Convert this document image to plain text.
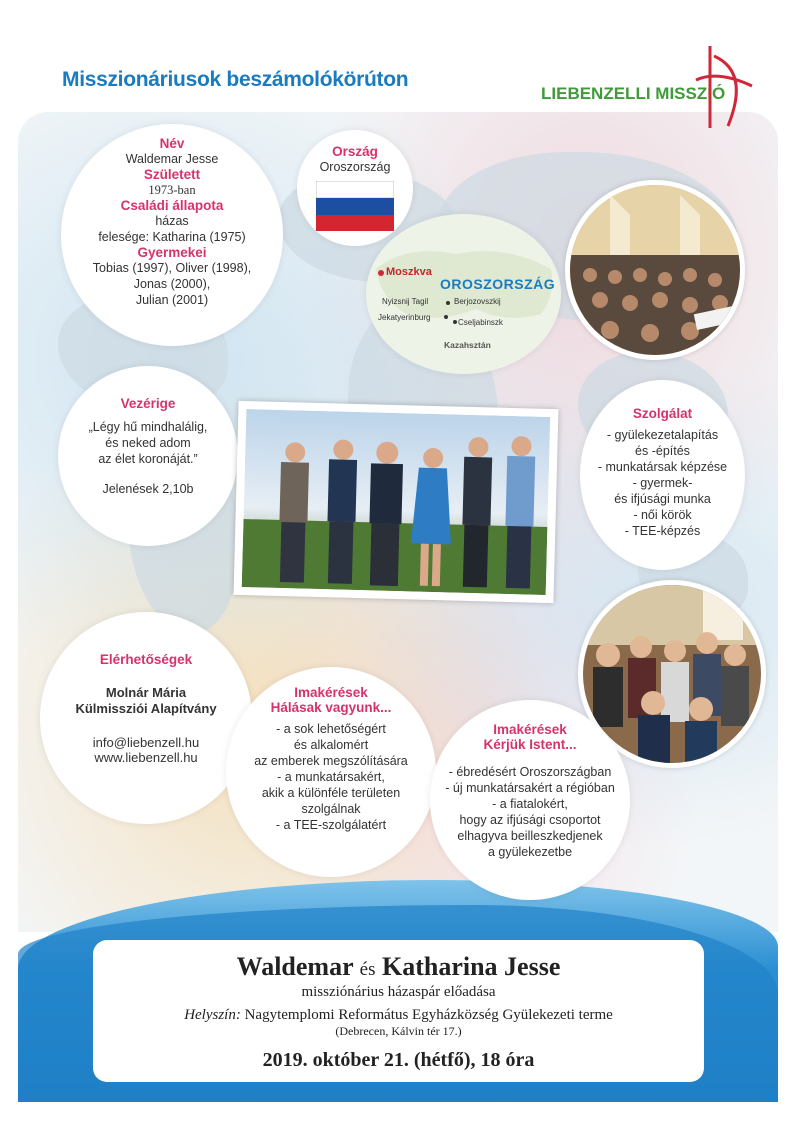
Misszionáriusok beszámolókörúton
LIEBENZELLI MISSZIÓ
Név
Waldemar Jesse
Született
1973-ban
Családi állapota
házas
felesége: Katharina (1975)
Gyermekei
Tobias (1997), Oliver (1998),
Jonas (2000),
Julian (2001)
Ország
Oroszország
Moszkva
OROSZORSZÁG
Nyizsnij Tagil	Berjozovszkij
Jekatyerinburg
Cseljabinszk
Kazahsztán
Vezérige
„Légy hű mindhalálig,
és neked adom
az élet koronáját.”
Jelenések 2,10b
Szolgálat
- gyülekezetalapítás
és -építés
- munkatársak képzése
- gyermek-
és ifjúsági munka
- női körök
- TEE-képzés
Elérhetőségek
Molnár Mária
Külmissziói Alapítvány
info@liebenzell.hu
www.liebenzell.hu
Imakérések
Hálásak vagyunk...
- a sok lehetőségért
és alkalomért
az emberek megszólítására
- a munkatársakért,
akik a különféle területen
szolgálnak
- a TEE-szolgálatért
Imakérések
Kérjük Istent...
- ébredésért Oroszországban
- új munkatársakért a régióban
- a fiatalokért,
hogy az ifjúsági csoportot
elhagyva beilleszkedjenek
a gyülekezetbe
Waldemar és Katharina Jesse
missziónárius házaspár előadása
Helyszín: Nagytemplomi Református Egyházközség Gyülekezeti terme
(Debrecen, Kálvin tér 17.)
2019. október 21. (hétfő), 18 óra
